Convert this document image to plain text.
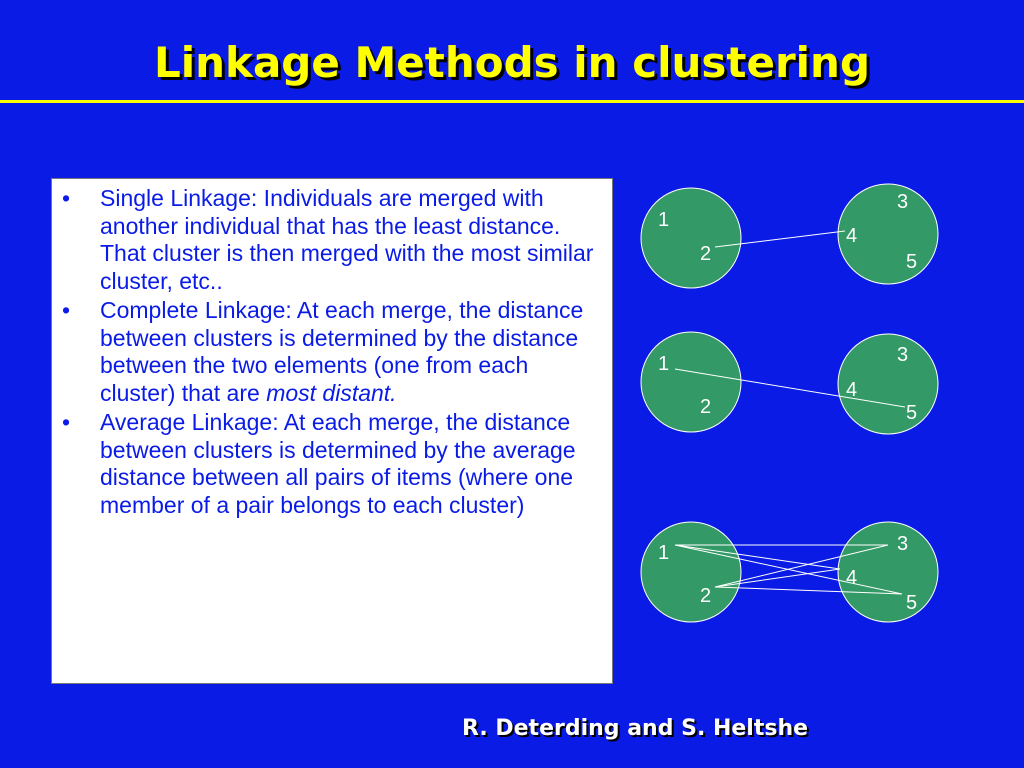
Linkage Methods in clustering
• Single Linkage: Individuals are merged with another individual that has the least distance. That cluster is then merged with the most similar cluster, etc..
• Complete Linkage: At each merge, the distance between clusters is determined by the distance between the two elements (one from each cluster) that are most distant.
• Average Linkage: At each merge, the distance between clusters is determined by the average distance between all pairs of items (where one member of a pair belongs to each cluster)
1
2
3
4
5
1
2
3
4
5
1
2
3
4
5
R. Deterding and S. Heltshe
